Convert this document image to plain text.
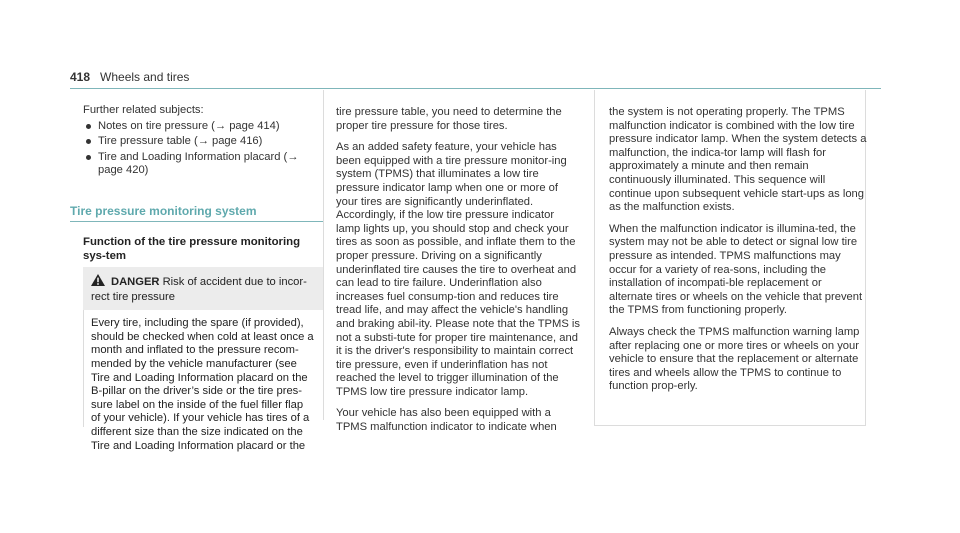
418 Wheels and tires
Further related subjects:
Notes on tire pressure (→ page 414)
Tire pressure table (→ page 416)
Tire and Loading Information placard (→ page 420)
Tire pressure monitoring system
Function of the tire pressure monitoring sys-tem
DANGER Risk of accident due to incor-rect tire pressure
Every tire, including the spare (if provided), should be checked when cold at least once a month and inflated to the pressure recom-mended by the vehicle manufacturer (see Tire and Loading Information placard on the B-pillar on the driver’s side or the tire pres-sure label on the inside of the fuel filler flap of your vehicle). If your vehicle has tires of a different size than the size indicated on the Tire and Loading Information placard or the

tire pressure table, you need to determine the proper tire pressure for those tires.

As an added safety feature, your vehicle has been equipped with a tire pressure monitor-ing system (TPMS) that illuminates a low tire pressure indicator lamp when one or more of your tires are significantly underinflated. Accordingly, if the low tire pressure indicator lamp lights up, you should stop and check your tires as soon as possible, and inflate them to the proper pressure. Driving on a significantly underinflated tire causes the tire to overheat and can lead to tire failure. Underinflation also increases fuel consump-tion and reduces tire tread life, and may affect the vehicle's handling and braking abil-ity. Please note that the TPMS is not a substi-tute for proper tire maintenance, and it is the driver's responsibility to maintain correct tire pressure, even if underinflation has not reached the level to trigger illumination of the TPMS low tire pressure indicator lamp.

Your vehicle has also been equipped with a TPMS malfunction indicator to indicate when

the system is not operating properly. The TPMS malfunction indicator is combined with the low tire pressure indicator lamp. When the system detects a malfunction, the indica-tor lamp will flash for approximately a minute and then remain continuously illuminated. This sequence will continue upon subsequent vehicle start-ups as long as the malfunction exists.

When the malfunction indicator is illumina-ted, the system may not be able to detect or signal low tire pressure as intended. TPMS malfunctions may occur for a variety of rea-sons, including the installation of incompati-ble replacement or alternate tires or wheels on the vehicle that prevent the TPMS from functioning properly.

Always check the TPMS malfunction warning lamp after replacing one or more tires or wheels on your vehicle to ensure that the replacement or alternate tires and wheels allow the TPMS to continue to function prop-erly.
